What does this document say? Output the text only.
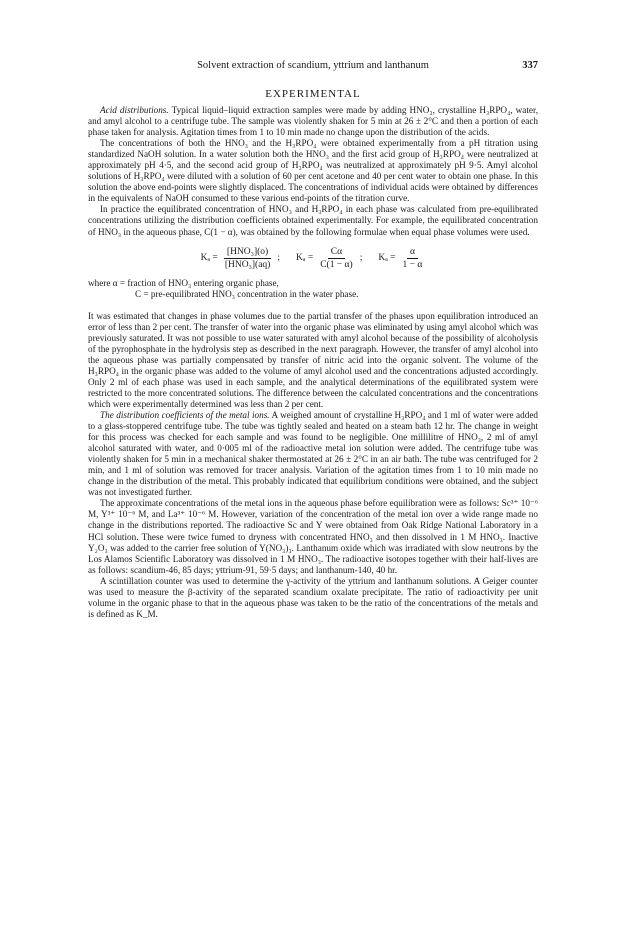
Solvent extraction of scandium, yttrium and lanthanum	337
EXPERIMENTAL

Acid distributions. Typical liquid–liquid extraction samples were made by adding HNO₃, crystalline H₃RPO₄, water, and amyl alcohol to a centrifuge tube. The sample was violently shaken for 5 min at 26 ± 2°C and then a portion of each phase taken for analysis. Agitation times from 1 to 10 min made no change upon the distribution of the acids.

The concentrations of both the HNO₃ and the H₃RPO₄ were obtained experimentally from a pH titration using standardized NaOH solution. In a water solution both the HNO₃ and the first acid group of H₃RPO₄ were neutralized at approximately pH 4·5, and the second acid group of H₃RPO₄ was neutralized at approximately pH 9·5. Amyl alcohol solutions of H₃RPO₄ were diluted with a solution of 60 per cent acetone and 40 per cent water to obtain one phase. In this solution the above end-points were slightly displaced. The concentrations of individual acids were obtained by differences in the equivalents of NaOH consumed to these various end-points of the titration curve.

In practice the equilibrated concentration of HNO₃ and H₃RPO₄ in each phase was calculated from pre-equilibrated concentrations utilizing the distribution coefficients obtained experimentally. For example, the equilibrated concentration of HNO₃ in the aqueous phase, C(1 − α), was obtained by the following formulae when equal phase volumes were used.

$K_a = \frac{\text{[HNO₃](o)}}{\text{[HNO₃](aq)}}$ ; $K_a = \frac{C\alpha}{C(1 - \alpha)}$ ; $K_a = \frac{\alpha}{1 - \alpha}$
where α = fraction of HNO₃ entering organic phase,
C = pre-equilibrated HNO₃ concentration in the water phase.

It was estimated that changes in phase volumes due to the partial transfer of the phases upon equilibration introduced an error of less than 2 per cent. The transfer of water into the organic phase was eliminated by using amyl alcohol which was previously saturated. It was not possible to use water saturated with amyl alcohol because of the possibility of alcoholysis of the pyrophosphate in the hydrolysis step as described in the next paragraph. However, the transfer of amyl alcohol into the aqueous phase was partially compensated by transfer of nitric acid into the organic solvent. The volume of the H₃RPO₄ in the organic phase was added to the volume of amyl alcohol used and the concentrations adjusted accordingly. Only 2 ml of each phase was used in each sample, and the analytical determinations of the equilibrated system were restricted to the more concentrated solutions. The difference between the calculated concentrations and the concentrations which were experimentally determined was less than 2 per cent.

The distribution coefficients of the metal ions. A weighed amount of crystalline H₃RPO₄ and 1 ml of water were added to a glass-stoppered centrifuge tube. The tube was tightly sealed and heated on a steam bath 12 hr. The change in weight for this process was checked for each sample and was found to be negligible. One millilitre of HNO₃, 2 ml of amyl alcohol saturated with water, and 0·005 ml of the radioactive metal ion solution were added. The centrifuge tube was violently shaken for 5 min in a mechanical shaker thermostated at 26 ± 2°C in an air bath. The tube was centrifuged for 2 min, and 1 ml of solution was removed for tracer analysis. Variation of the agitation times from 1 to 10 min made no change in the distribution of the metal. This probably indicated that equilibrium conditions were obtained, and the subject was not investigated further.

The approximate concentrations of the metal ions in the aqueous phase before equilibration were as follows: Sc³⁺ 10⁻⁶ M, Y³⁺ 10⁻⁶ M, and La³⁺ 10⁻⁶ M. However, variation of the concentration of the metal ion over a wide range made no change in the distributions reported. The radioactive Sc and Y were obtained from Oak Ridge National Laboratory in a HCl solution. These were twice fumed to dryness with concentrated HNO₃ and then dissolved in 1 M HNO₃. Inactive Y₂O₃ was added to the carrier free solution of Y(NO₃)₃. Lanthanum oxide which was irradiated with slow neutrons by the Los Alamos Scientific Laboratory was dissolved in 1 M HNO₃. The radioactive isotopes together with their half-lives are as follows: scandium-46, 85 days; yttrium-91, 59·5 days; and lanthanum-140, 40 hr.

A scintillation counter was used to determine the γ-activity of the yttrium and lanthanum solutions. A Geiger counter was used to measure the β-activity of the separated scandium oxalate precipitate. The ratio of radioactivity per unit volume in the organic phase to that in the aqueous phase was taken to be the ratio of the concentrations of the metals and is defined as K_M.
